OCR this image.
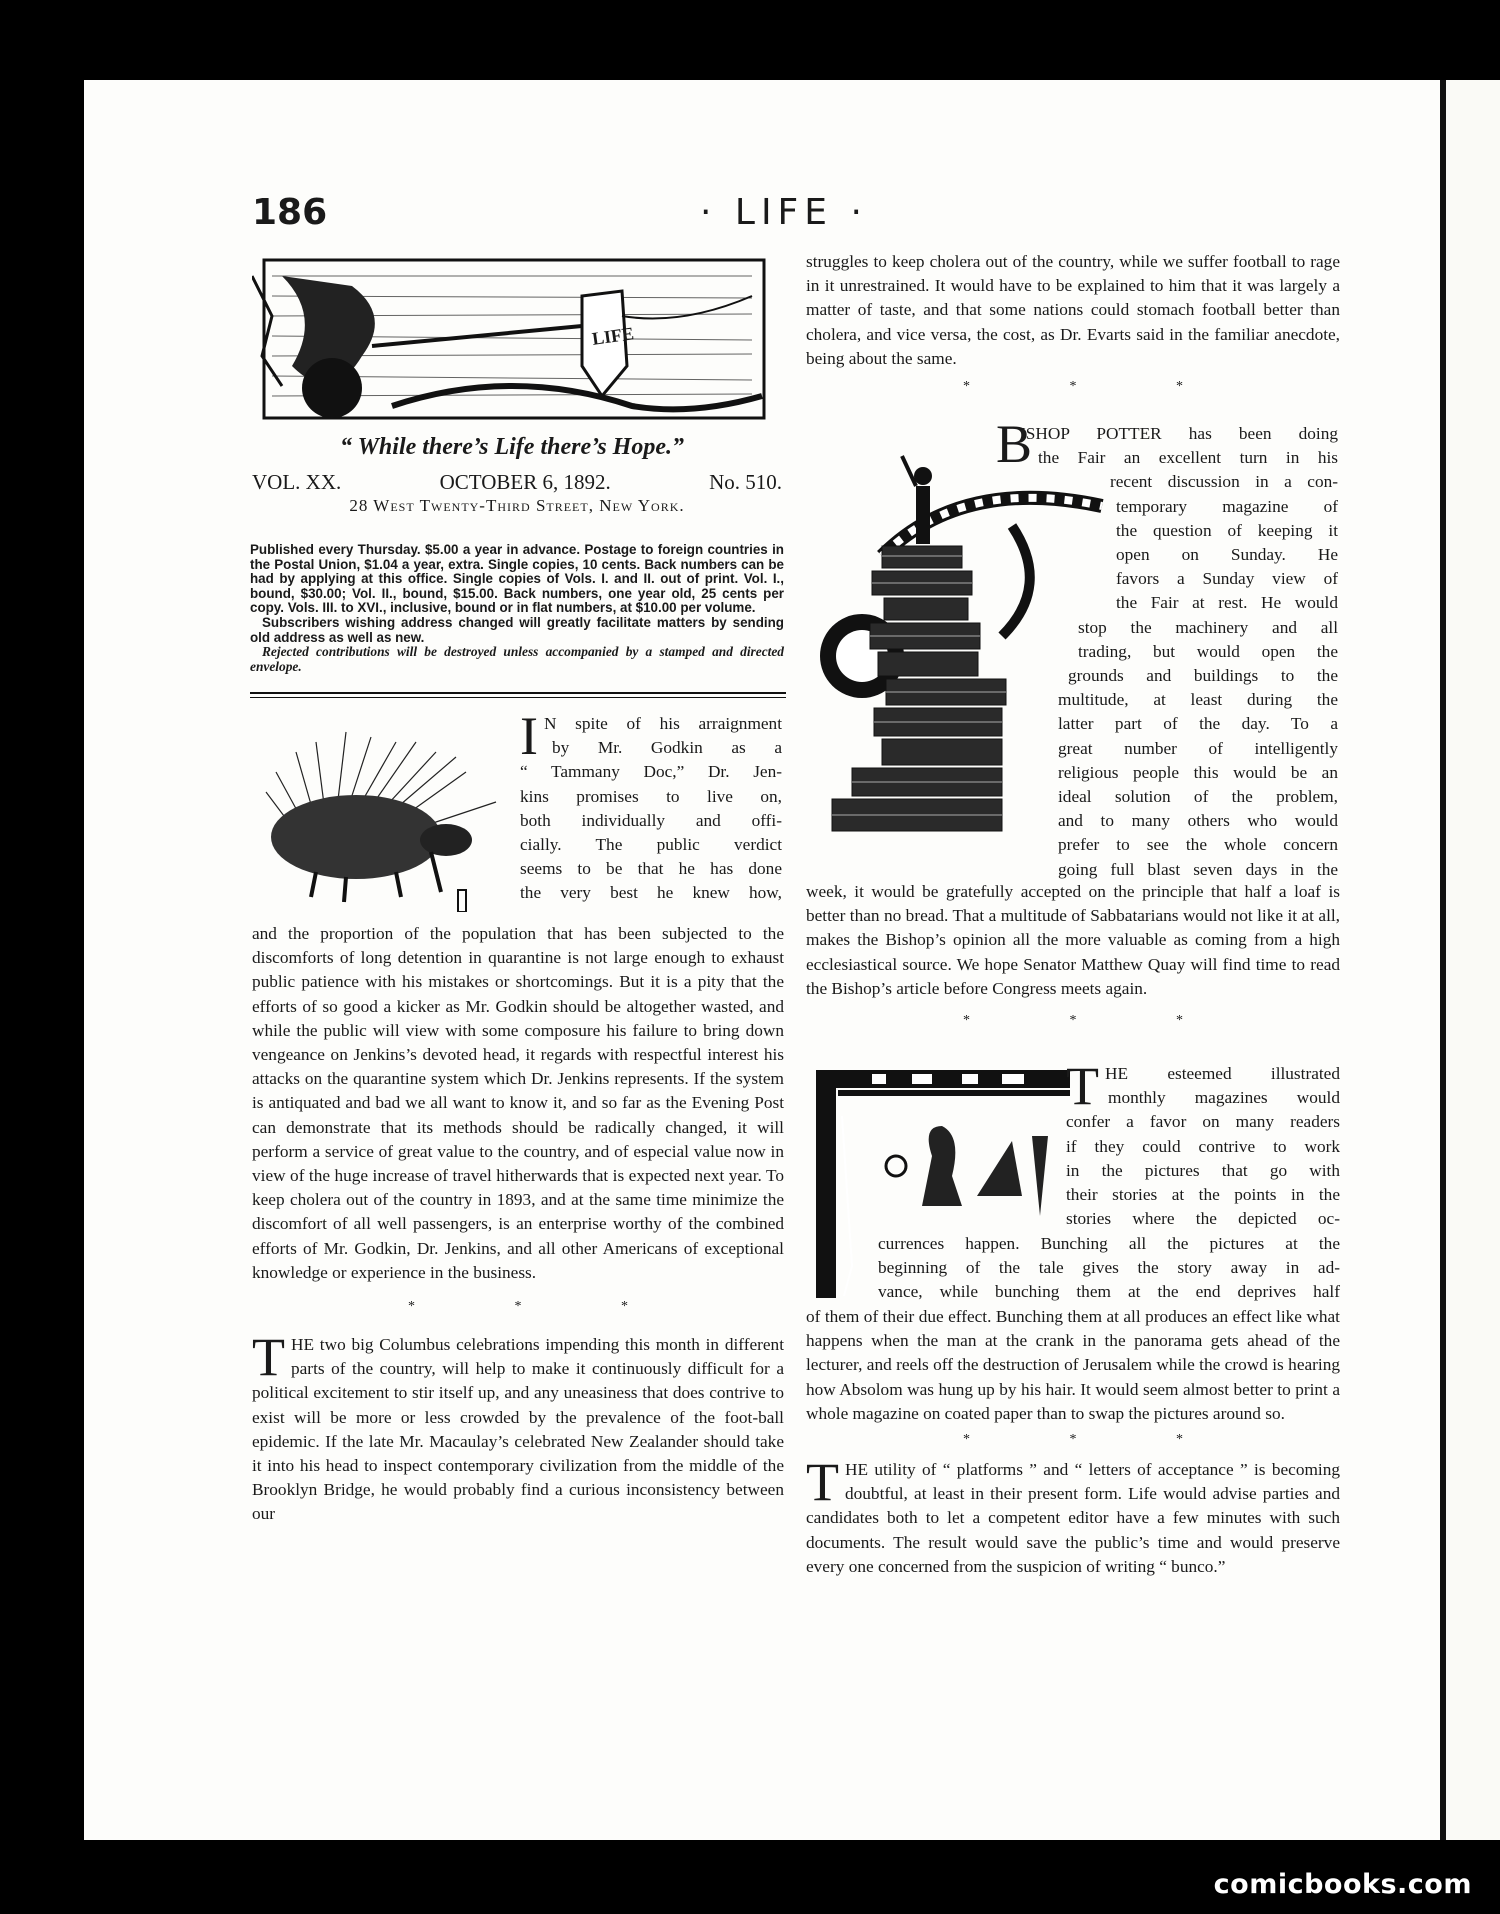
186	· LIFE ·
LIFE
“ While there’s Life there’s Hope.”
VOL. XX.	OCTOBER 6, 1892.	No. 510.
28 West Twenty-Third Street, New York.
Published every Thursday. $5.00 a year in advance. Postage to foreign countries in the Postal Union, $1.04 a year, extra. Single copies, 10 cents. Back numbers can be had by applying at this office. Single copies of Vols. I. and II. out of print. Vol. I., bound, $30.00; Vol. II., bound, $15.00. Back numbers, one year old, 25 cents per copy. Vols. III. to XVI., inclusive, bound or in flat numbers, at $10.00 per volume.
Subscribers wishing address changed will greatly facilitate matters by sending old address as well as new.
Rejected contributions will be destroyed unless accompanied by a stamped and directed envelope.
I N spite of his arraignment
by Mr. Godkin as a
“ Tammany Doc,” Dr. Jen-
kins promises to live on,
both individually and offi-
cially. The public verdict
seems to be that he has done
the very best he knew how,

and the proportion of the population that has been subjected to the discomforts of long detention in quarantine is not large enough to exhaust public patience with his mistakes or shortcomings. But it is a pity that the efforts of so good a kicker as Mr. Godkin should be altogether wasted, and while the public will view with some composure his failure to bring down vengeance on Jenkins’s devoted head, it regards with respectful interest his attacks on the quarantine system which Dr. Jenkins represents. If the system is antiquated and bad we all want to know it, and so far as the Evening Post can demonstrate that its methods should be radically changed, it will perform a service of great value to the country, and of especial value now in view of the huge increase of travel hitherwards that is expected next year. To keep cholera out of the country in 1893, and at the same time minimize the discomfort of all well passengers, is an enterprise worthy of the combined efforts of Mr. Godkin, Dr. Jenkins, and all other Americans of exceptional knowledge or experience in the business.

* * *

THE two big Columbus celebrations impending this month in different parts of the country, will help to make it continuously difficult for a political excitement to stir itself up, and any uneasiness that does contrive to exist will be more or less crowded by the prevalence of the foot-ball epidemic. If the late Mr. Macaulay’s celebrated New Zealander should take it into his head to inspect contemporary civilization from the middle of the Brooklyn Bridge, he would probably find a curious inconsistency between our

struggles to keep cholera out of the country, while we suffer football to rage in it unrestrained. It would have to be explained to him that it was largely a matter of taste, and that some nations could stomach football better than cholera, and vice versa, the cost, as Dr. Evarts said in the familiar anecdote, being about the same.

* * *
ISHOP POTTER has been doing
the Fair an excellent turn in his
recent discussion in a con-
temporary magazine of
the question of keeping it
open on Sunday. He
favors a Sunday view of
the Fair at rest. He would
stop the machinery and all
trading, but would open the
grounds and buildings to the
multitude, at least during the
latter part of the day. To a
great number of intelligently
religious people this would be an
ideal solution of the problem,
and to many others who would
prefer to see the whole concern
going full blast seven days in the

week, it would be gratefully accepted on the principle that half a loaf is better than no bread. That a multitude of Sabbatarians would not like it at all, makes the Bishop’s opinion all the more valuable as coming from a high ecclesiastical source. We hope Senator Matthew Quay will find time to read the Bishop’s article before Congress meets again.

* * *
T HE esteemed illustrated
monthly magazines would
confer a favor on many readers
if they could contrive to work
in the pictures that go with
their stories at the points in the
stories where the depicted oc-
currences happen. Bunching all the pictures at the
beginning of the tale gives the story away in ad-
vance, while bunching them at the end deprives half

of them of their due effect. Bunching them at all produces an effect like what happens when the man at the crank in the panorama gets ahead of the lecturer, and reels off the destruction of Jerusalem while the crowd is hearing how Absolom was hung up by his hair. It would seem almost better to print a whole magazine on coated paper than to swap the pictures around so.

* * *

THE utility of “ platforms ” and “ letters of acceptance ” is becoming doubtful, at least in their present form. Life would advise parties and candidates both to let a competent editor have a few minutes with such documents. The result would save the public’s time and would preserve every one concerned from the suspicion of writing “ bunco.”

B
comicbooks.com
